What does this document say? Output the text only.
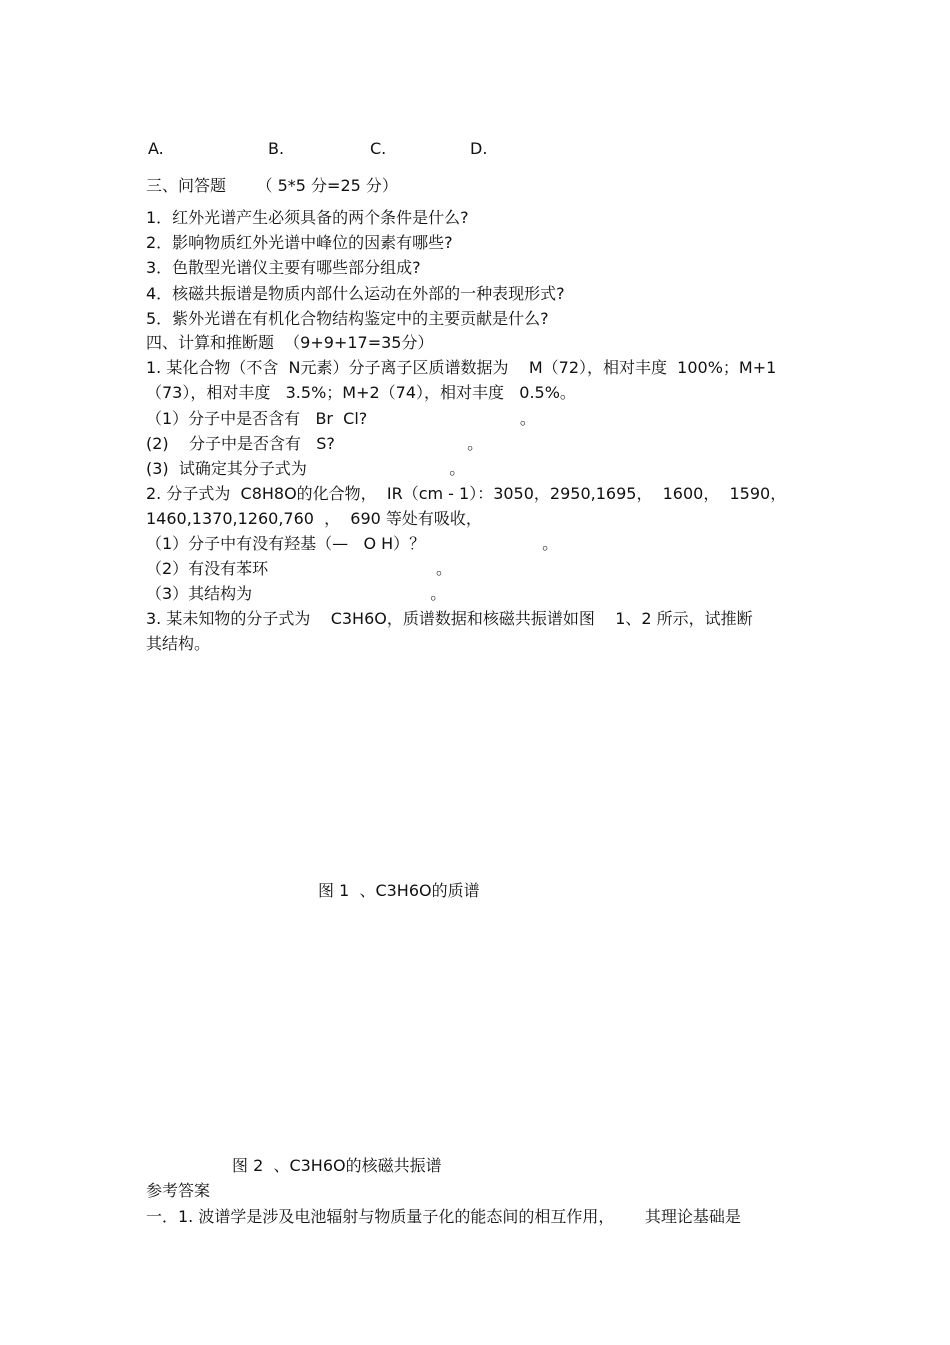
A.	B.	C.	D.
三、问答题      （ 5*5 分=25 分）
1．红外光谱产生必须具备的两个条件是什么?
2．影响物质红外光谱中峰位的因素有哪些?
3．色散型光谱仪主要有哪些部分组成?
4．核磁共振谱是物质内部什么运动在外部的一种表现形式?
5．紫外光谱在有机化合物结构鉴定中的主要贡献是什么?
四、计算和推断题  （9+9+17=35分）
1. 某化合物（不含  N元素）分子离子区质谱数据为    M（72），相对丰度  100%；M+1
（73），相对丰度   3.5%；M+2（74），相对丰度   0.5%。
（1）分子中是否含有   Br  Cl?                              。
(2)    分子中是否含有   S?                          。
(3)  试确定其分子式为                            。
2. 分子式为  C8H8O的化合物，  IR（cm - 1）：3050，2950,1695，  1600，  1590，
1460,1370,1260,760  ，  690 等处有吸收，
（1）分子中有没有羟基（—   O H）？                       。
（2）有没有苯环                                 。
（3）其结构为                                   。
3. 某未知物的分子式为    C3H6O，质谱数据和核磁共振谱如图    1、2 所示，试推断
其结构。
图 1  、C3H6O的质谱
图 2  、C3H6O的核磁共振谱
参考答案
一．1. 波谱学是涉及电池辐射与物质量子化的能态间的相互作用，      其理论基础是
